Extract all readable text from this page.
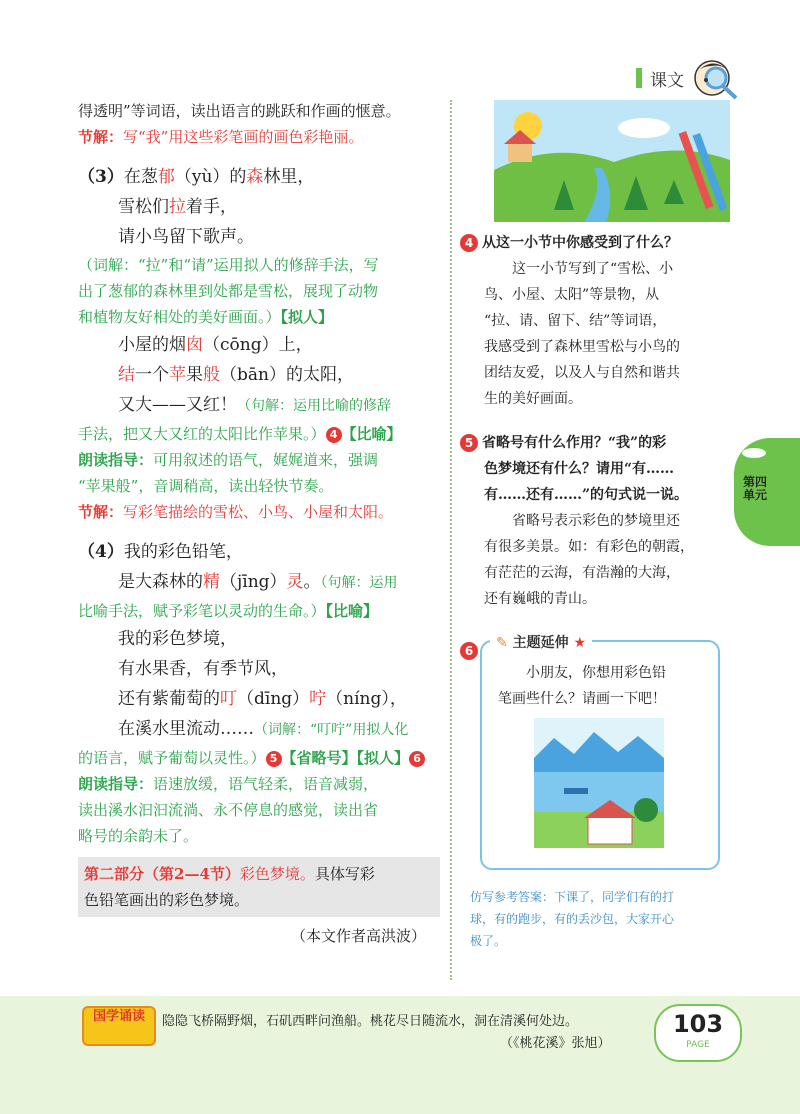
课文
得透明”等词语，读出语言的跳跃和作画的惬意。
节解：写“我”用这些彩笔画的画色彩艳丽。
（3）在葱郁（yù）的森林里，
雪松们拉着手，
请小鸟留下歌声。
（词解：“拉”和“请”运用拟人的修辞手法，写
出了葱郁的森林里到处都是雪松，展现了动物
和植物友好相处的美好画面。）【拟人】
小屋的烟囱（cōng）上，
结一个苹果般（bān）的太阳，
又大——又红！（句解：运用比喻的修辞
手法，把又大又红的太阳比作苹果。） 4 【比喻】
朗读指导：可用叙述的语气，娓娓道来，强调
“苹果般”，音调稍高，读出轻快节奏。
节解：写彩笔描绘的雪松、小鸟、小屋和太阳。
（4）我的彩色铅笔，
是大森林的精（jīng）灵。（句解：运用
比喻手法，赋予彩笔以灵动的生命。）【比喻】
我的彩色梦境，
有水果香，有季节风，
还有紫葡萄的叮（dīng）咛（níng），
在溪水里流动……（词解：“叮咛”用拟人化
的语言，赋予葡萄以灵性。） 5 【省略号】【拟人】 6
朗读指导：语速放缓，语气轻柔，语音减弱，
读出溪水汩汩流淌、永不停息的感觉，读出省
略号的余韵未了。
第二部分（第2—4节）彩色梦境。具体写彩
色铅笔画出的彩色梦境。
（本文作者高洪波）
4 从这一小节中你感受到了什么？
这一小节写到了“雪松、小
鸟、小屋、太阳”等景物，从
“拉、请、留下、结”等词语，
我感受到了森林里雪松与小鸟的
团结友爱，以及人与自然和谐共
生的美好画面。
5 省略号有什么作用？“我”的彩
色梦境还有什么？请用“有……
有……还有……”的句式说一说。
省略号表示彩色的梦境里还
有很多美景。如：有彩色的朝霞，
有茫茫的云海，有浩瀚的大海，
还有巍峨的青山。
6	✎ 主题延伸 ★
小朋友，你想用彩色铅
笔画些什么？请画一下吧！
仿写参考答案：下课了，同学们有的打
球，有的跑步，有的丢沙包，大家开心
极了。
第四单元
国学诵读	隐隐飞桥隔野烟，石矶西畔问渔船。桃花尽日随流水，洞在清溪何处边。
（《桃花溪》张旭）
103
PAGE
